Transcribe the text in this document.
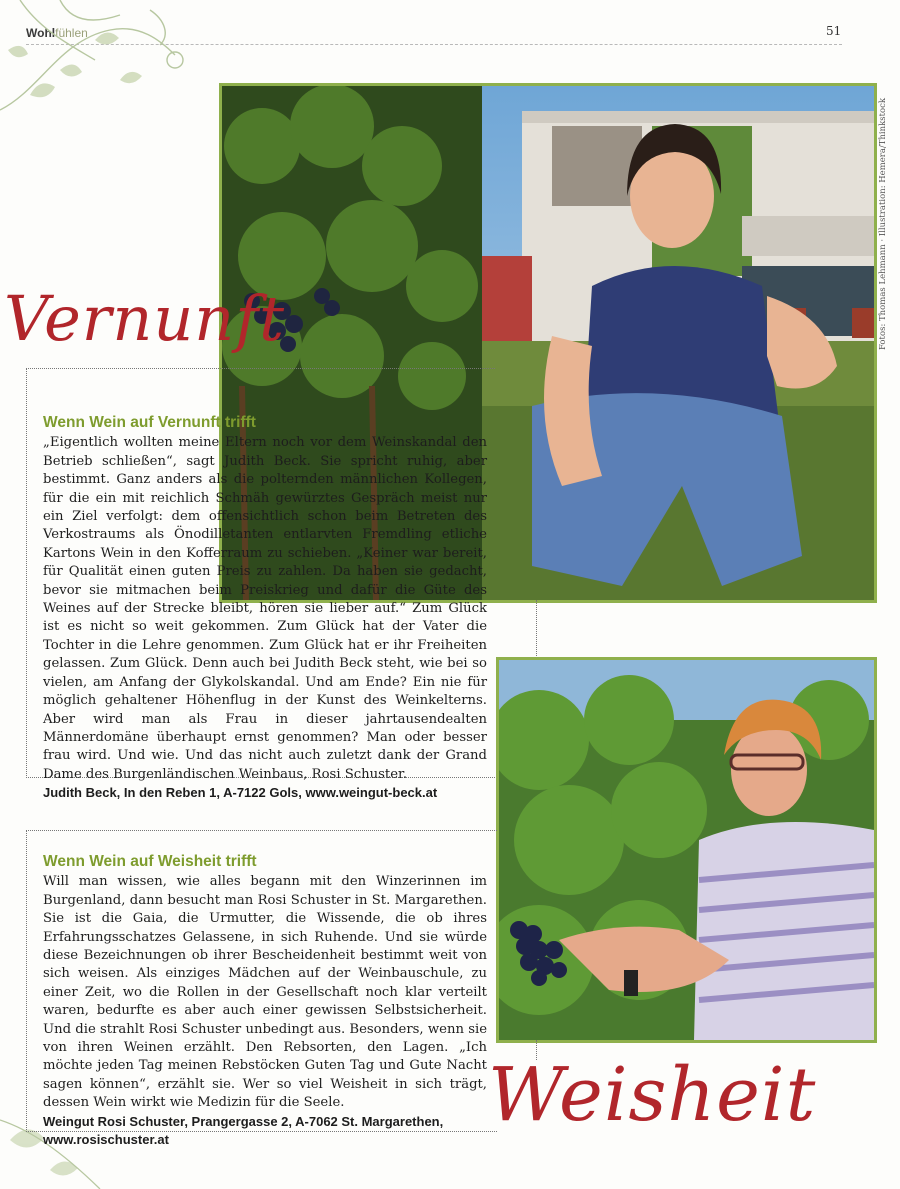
Wohlfühlen	51
Fotos: Thomas Lehmann · Illustration: Hemera/Thinkstock
Vernunft
Wenn Wein auf Vernunft trifft

„Eigentlich wollten meine Eltern noch vor dem Weinskandal den Betrieb schließen“, sagt Judith Beck. Sie spricht ruhig, aber bestimmt. Ganz anders als die polternden männlichen Kollegen, für die ein mit reichlich Schmäh gewürztes Gespräch meist nur ein Ziel verfolgt: dem offensichtlich schon beim Betreten des Verkostraums als Önodilletanten entlarvten Fremdling etliche Kartons Wein in den Kofferraum zu schieben. „Keiner war bereit, für Qualität einen guten Preis zu zahlen. Da haben sie gedacht, bevor sie mitmachen beim Preiskrieg und dafür die Güte des Weines auf der Strecke bleibt, hören sie lieber auf.“ Zum Glück ist es nicht so weit gekommen. Zum Glück hat der Vater die Tochter in die Lehre genommen. Zum Glück hat er ihr Freiheiten gelassen. Zum Glück. Denn auch bei Judith Beck steht, wie bei so vielen, am Anfang der Glykolskandal. Und am Ende? Ein nie für möglich gehaltener Höhenflug in der Kunst des Weinkelterns. Aber wird man als Frau in dieser jahrtausendealten Männerdomäne überhaupt ernst genommen? Man oder besser frau wird. Und wie. Und das nicht auch zuletzt dank der Grand Dame des Burgenländischen Weinbaus, Rosi Schuster.

Judith Beck, In den Reben 1, A-7122 Gols, www.weingut-beck.at

Wenn Wein auf Weisheit trifft

Will man wissen, wie alles begann mit den Winzerinnen im Burgenland, dann besucht man Rosi Schuster in St. Margarethen. Sie ist die Gaia, die Urmutter, die Wissende, die ob ihres Erfahrungsschatzes Gelassene, in sich Ruhende. Und sie würde diese Bezeichnungen ob ihrer Bescheidenheit bestimmt weit von sich weisen. Als einziges Mädchen auf der Weinbauschule, zu einer Zeit, wo die Rollen in der Gesellschaft noch klar verteilt waren, bedurfte es aber auch einer gewissen Selbstsicherheit. Und die strahlt Rosi Schuster unbedingt aus. Besonders, wenn sie von ihren Weinen erzählt. Den Rebsorten, den Lagen. „Ich möchte jeden Tag meinen Rebstöcken Guten Tag und Gute Nacht sagen können“, erzählt sie. Wer so viel Weisheit in sich trägt, dessen Wein wirkt wie Medizin für die Seele.

Weingut Rosi Schuster, Prangergasse 2, A-7062 St. Margarethen,

www.rosischuster.at

Weisheit
